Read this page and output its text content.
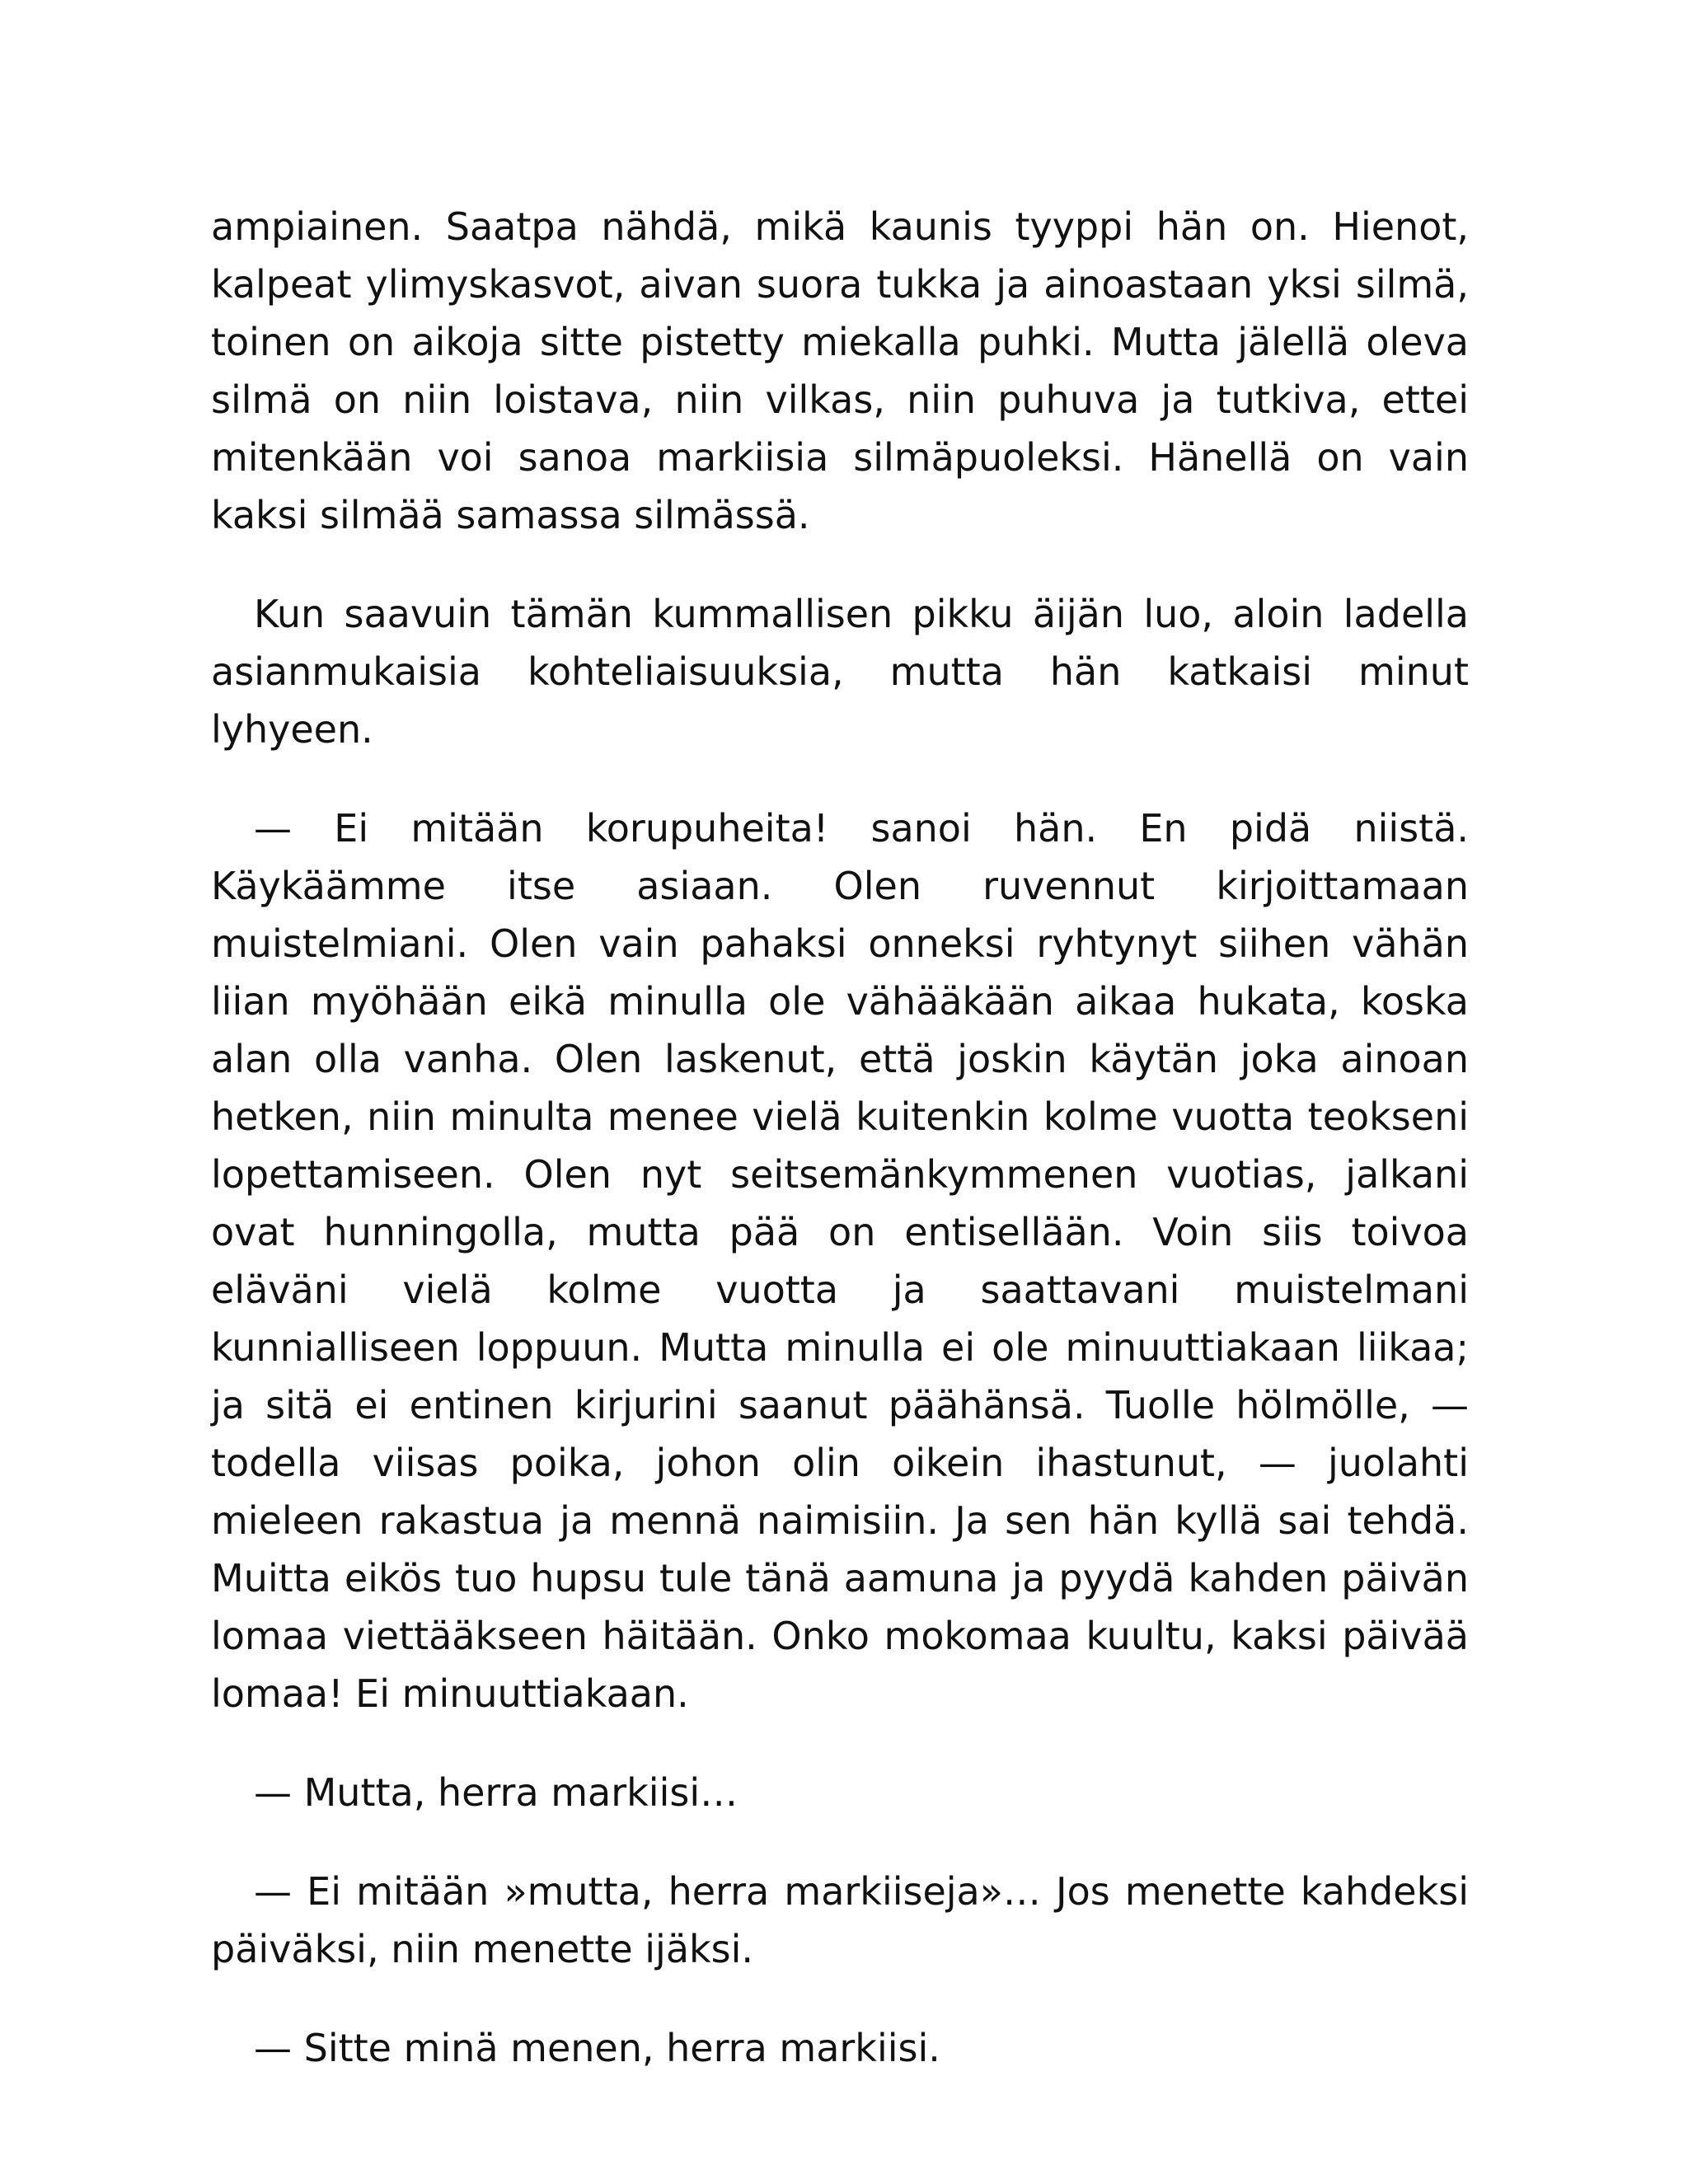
ampiainen. Saatpa nähdä, mikä kaunis tyyppi hän on. Hienot, kalpeat ylimyskasvot, aivan suora tukka ja ainoastaan yksi silmä, toinen on aikoja sitte pistetty miekalla puhki. Mutta jälellä oleva silmä on niin loistava, niin vilkas, niin puhuva ja tutkiva, ettei mitenkään voi sanoa markiisia silmäpuoleksi. Hänellä on vain kaksi silmää samassa silmässä.

Kun saavuin tämän kummallisen pikku äijän luo, aloin ladella asianmukaisia kohteliaisuuksia, mutta hän katkaisi minut lyhyeen.

— Ei mitään korupuheita! sanoi hän. En pidä niistä. Käykäämme itse asiaan. Olen ruvennut kirjoittamaan muistelmiani. Olen vain pahaksi onneksi ryhtynyt siihen vähän liian myöhään eikä minulla ole vähääkään aikaa hukata, koska alan olla vanha. Olen laskenut, että joskin käytän joka ainoan hetken, niin minulta menee vielä kuitenkin kolme vuotta teokseni lopettamiseen. Olen nyt seitsemänkymmenen vuotias, jalkani ovat hunningolla, mutta pää on entisellään. Voin siis toivoa eläväni vielä kolme vuotta ja saattavani muistelmani kunnialliseen loppuun. Mutta minulla ei ole minuuttiakaan liikaa; ja sitä ei entinen kirjurini saanut päähänsä. Tuolle hölmölle, — todella viisas poika, johon olin oikein ihastunut, — juolahti mieleen rakastua ja mennä naimisiin. Ja sen hän kyllä sai tehdä. Muitta eikös tuo hupsu tule tänä aamuna ja pyydä kahden päivän lomaa viettääkseen häitään. Onko mokomaa kuultu, kaksi päivää lomaa! Ei minuuttiakaan.

— Mutta, herra markiisi…

— Ei mitään »mutta, herra markiiseja»… Jos menette kahdeksi päiväksi, niin menette ijäksi.

— Sitte minä menen, herra markiisi.
